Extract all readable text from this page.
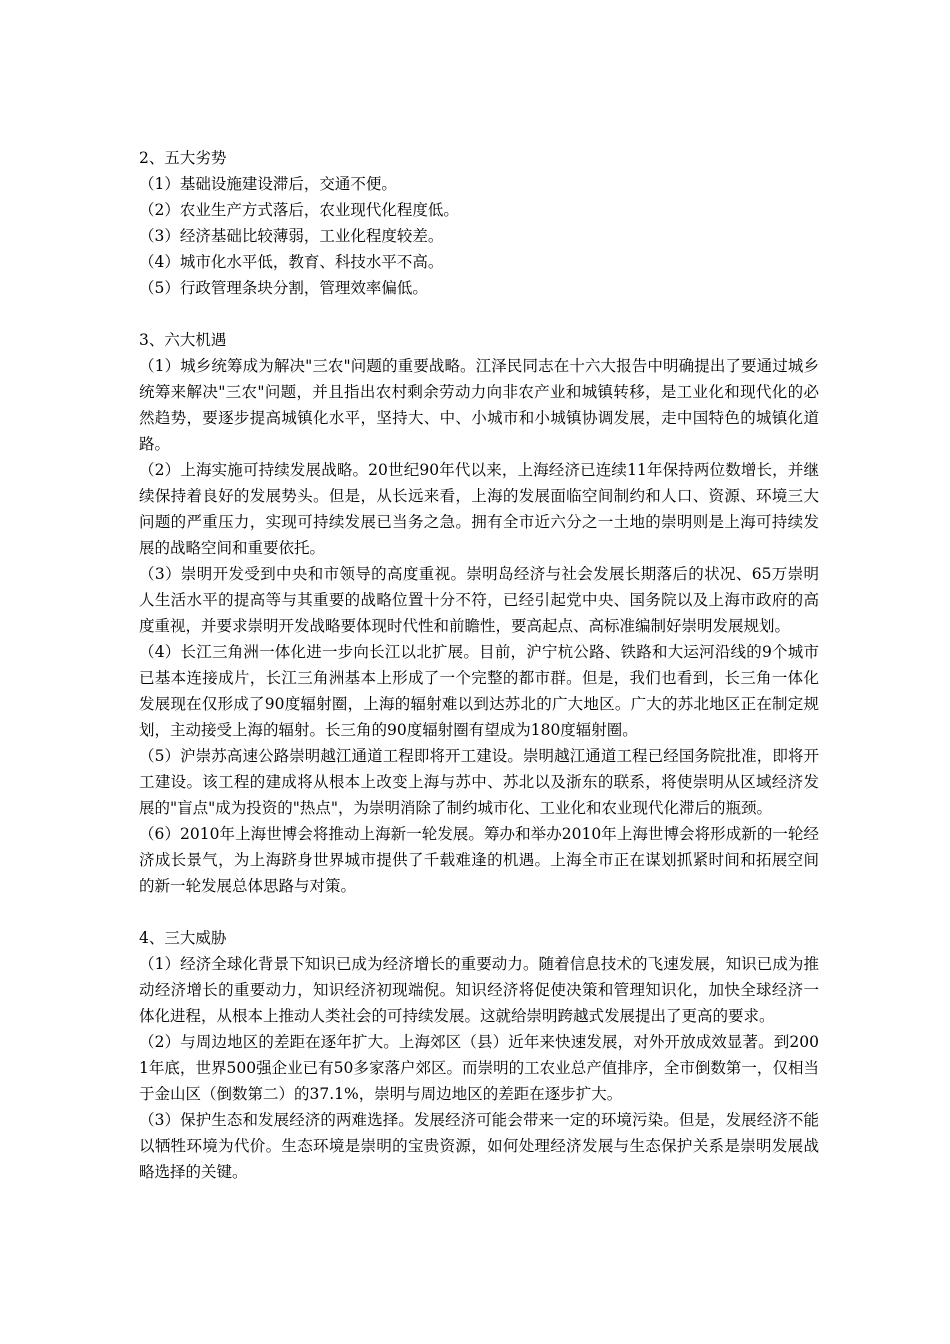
2、五大劣势
（1）基础设施建设滞后，交通不便。
（2）农业生产方式落后，农业现代化程度低。
（3）经济基础比较薄弱，工业化程度较差。
（4）城市化水平低，教育、科技水平不高。
（5）行政管理条块分割，管理效率偏低。
3、六大机遇
（1）城乡统筹成为解决"三农"问题的重要战略。江泽民同志在十六大报告中明确提出了要通过城乡统筹来解决"三农"问题，并且指出农村剩余劳动力向非农产业和城镇转移，是工业化和现代化的必然趋势，要逐步提高城镇化水平，坚持大、中、小城市和小城镇协调发展，走中国特色的城镇化道路。
（2）上海实施可持续发展战略。20世纪90年代以来，上海经济已连续11年保持两位数增长，并继续保持着良好的发展势头。但是，从长远来看，上海的发展面临空间制约和人口、资源、环境三大问题的严重压力，实现可持续发展已当务之急。拥有全市近六分之一土地的崇明则是上海可持续发展的战略空间和重要依托。
（3）崇明开发受到中央和市领导的高度重视。崇明岛经济与社会发展长期落后的状况、65万崇明人生活水平的提高等与其重要的战略位置十分不符，已经引起党中央、国务院以及上海市政府的高度重视，并要求崇明开发战略要体现时代性和前瞻性，要高起点、高标准编制好崇明发展规划。
（4）长江三角洲一体化进一步向长江以北扩展。目前，沪宁杭公路、铁路和大运河沿线的9个城市已基本连接成片，长江三角洲基本上形成了一个完整的都市群。但是，我们也看到，长三角一体化发展现在仅形成了90度辐射圈，上海的辐射难以到达苏北的广大地区。广大的苏北地区正在制定规划，主动接受上海的辐射。长三角的90度辐射圈有望成为180度辐射圈。
（5）沪崇苏高速公路崇明越江通道工程即将开工建设。崇明越江通道工程已经国务院批准，即将开工建设。该工程的建成将从根本上改变上海与苏中、苏北以及浙东的联系，将使崇明从区域经济发展的"盲点"成为投资的"热点"，为崇明消除了制约城市化、工业化和农业现代化滞后的瓶颈。
（6）2010年上海世博会将推动上海新一轮发展。筹办和举办2010年上海世博会将形成新的一轮经济成长景气，为上海跻身世界城市提供了千载难逢的机遇。上海全市正在谋划抓紧时间和拓展空间的新一轮发展总体思路与对策。
4、三大威胁
（1）经济全球化背景下知识已成为经济增长的重要动力。随着信息技术的飞速发展，知识已成为推动经济增长的重要动力，知识经济初现端倪。知识经济将促使决策和管理知识化，加快全球经济一体化进程，从根本上推动人类社会的可持续发展。这就给崇明跨越式发展提出了更高的要求。
（2）与周边地区的差距在逐年扩大。上海郊区（县）近年来快速发展，对外开放成效显著。到2001年底，世界500强企业已有50多家落户郊区。而崇明的工农业总产值排序，全市倒数第一，仅相当于金山区（倒数第二）的37.1%，崇明与周边地区的差距在逐步扩大。
（3）保护生态和发展经济的两难选择。发展经济可能会带来一定的环境污染。但是，发展经济不能以牺牲环境为代价。生态环境是崇明的宝贵资源，如何处理经济发展与生态保护关系是崇明发展战略选择的关键。
